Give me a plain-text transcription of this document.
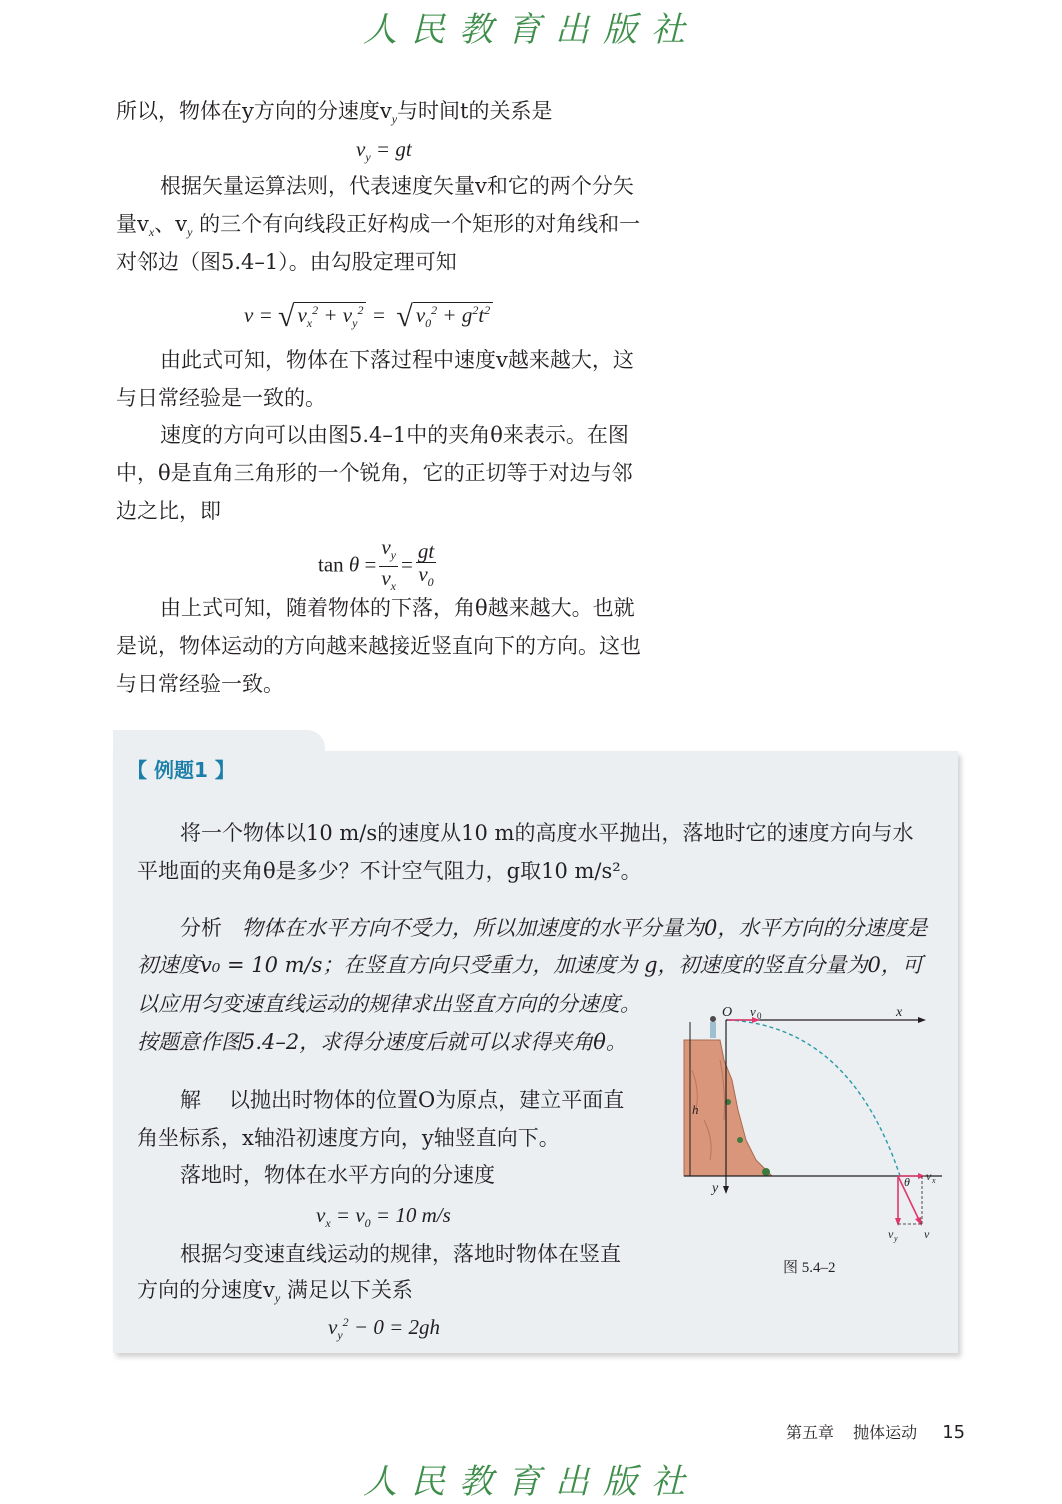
人民教育出版社
所以，物体在y方向的分速度$v_y$与时间t的关系是
$v_y$ = gt
根据矢量运算法则，代表速度矢量v和它的两个分矢
量$v_x$、$v_y$ 的三个有向线段正好构成一个矩形的对角线和一
对邻边（图5.4–1）。由勾股定理可知
v = √ $v_x^2 + v_y^2$ =  √ $v_0^2 + g^2t^2$
由此式可知，物体在下落过程中速度v越来越大，这
与日常经验是一致的。
速度的方向可以由图5.4–1中的夹角θ来表示。在图
中，θ是直角三角形的一个锐角，它的正切等于对边与邻
边之比，即
$\tan \theta = \frac{v_y}{v_x} = \frac{gt}{v_0}$
由上式可知，随着物体的下落，角θ越来越大。也就
是说，物体运动的方向越来越接近竖直向下的方向。这也
与日常经验一致。
【 例题1 】
将一个物体以10 m/s的速度从10 m的高度水平抛出，落地时它的速度方向与水
平地面的夹角θ是多少？不计空气阻力，g取10 m/s²。
分析 物体在水平方向不受力，所以加速度的水平分量为0，水平方向的分速度是
初速度v₀ = 10 m/s；在竖直方向只受重力，加速度为 g，初速度的竖直分量为0，可
以应用匀变速直线运动的规律求出竖直方向的分速度。
按题意作图5.4–2，求得分速度后就可以求得夹角θ。
解 以抛出时物体的位置O为原点，建立平面直
角坐标系，x轴沿初速度方向，y轴竖直向下。
落地时，物体在水平方向的分速度
$v_x = v_0 = 10$ m/s
根据匀变速直线运动的规律，落地时物体在竖直
方向的分速度$v_y$ 满足以下关系
$v_y^2 - 0 = 2gh$
h
O v 0	x
y	θ v x
v y v
图 5.4–2
第五章 抛体运动 15
人民教育出版社
